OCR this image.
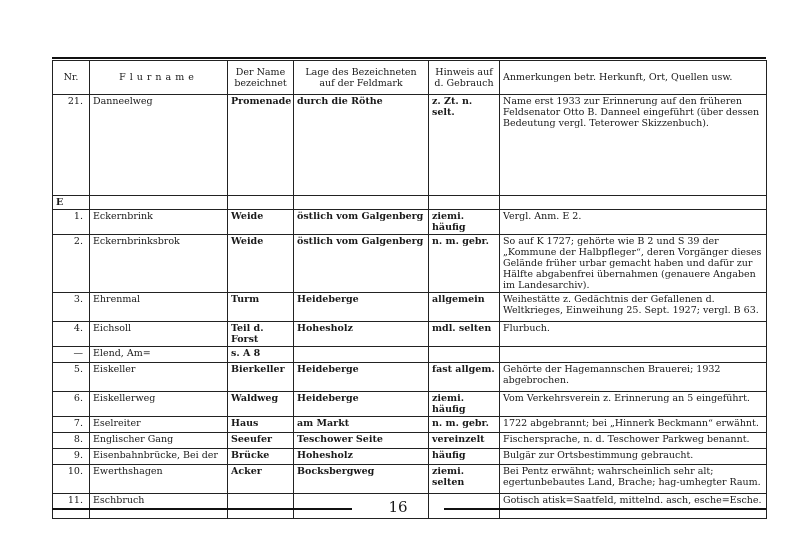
Nr.	Flurname	Der Name bezeichnet	Lage des Bezeichneten auf der Feldmark	Hinweis auf d. Gebrauch	Anmerkungen betr. Herkunft, Ort, Quellen usw.
21.	Danneelweg	Promenade	durch die Röthe	z. Zt. n. selt.	Name erst 1933 zur Erinnerung auf den früheren Feldsenator Otto B. Danneel eingeführt (über dessen Bedeutung vergl. Teterower Skizzenbuch).
E					
1.	Eckernbrink	Weide	östlich vom Galgenberg	ziemi. häufig	Vergl. Anm. E 2.
2.	Eckernbrinksbrok	Weide	östlich vom Galgenberg	n. m. gebr.	So auf K 1727; gehörte wie B 2 und S 39 der „Kommune der Halbpfleger“, deren Vorgänger dieses Gelände früher urbar gemacht haben und dafür zur Hälfte abgabenfrei übernahmen (genauere Angaben im Landesarchiv).
3.	Ehrenmal	Turm	Heideberge	allgemein	Weihestätte z. Gedächtnis der Gefallenen d. Weltkrieges, Einweihung 25. Sept. 1927; vergl. B 63.
4.	Eichsoll	Teil d. Forst	Hohesholz	mdl. selten	Flurbuch.
—	Elend, Am=	s. A 8			
5.	Eiskeller	Bierkeller	Heideberge	fast allgem.	Gehörte der Hagemannschen Brauerei; 1932 abgebrochen.
6.	Eiskellerweg	Waldweg	Heideberge	ziemi. häufig	Vom Verkehrsverein z. Erinnerung an 5 eingeführt.
7.	Eselreiter	Haus	am Markt	n. m. gebr.	1722 abgebrannt; bei „Hinnerk Beckmann“ erwähnt.
8.	Englischer Gang	Seeufer	Teschower Seite	vereinzelt	Fischersprache, n. d. Teschower Parkweg benannt.
9.	Eisenbahnbrücke, Bei der	Brücke	Hohesholz	häufig	Bulgär zur Ortsbestimmung gebraucht.
10.	Ewerthshagen	Acker	Bocksbergweg	ziemi. selten	Bei Pentz erwähnt; wahrscheinlich sehr alt; egertunbebautes Land, Brache; hag-umhegter Raum.
11.	Eschbruch				Gotisch atisk=Saatfeld, mittelnd. asch, esche=Esche.
16
